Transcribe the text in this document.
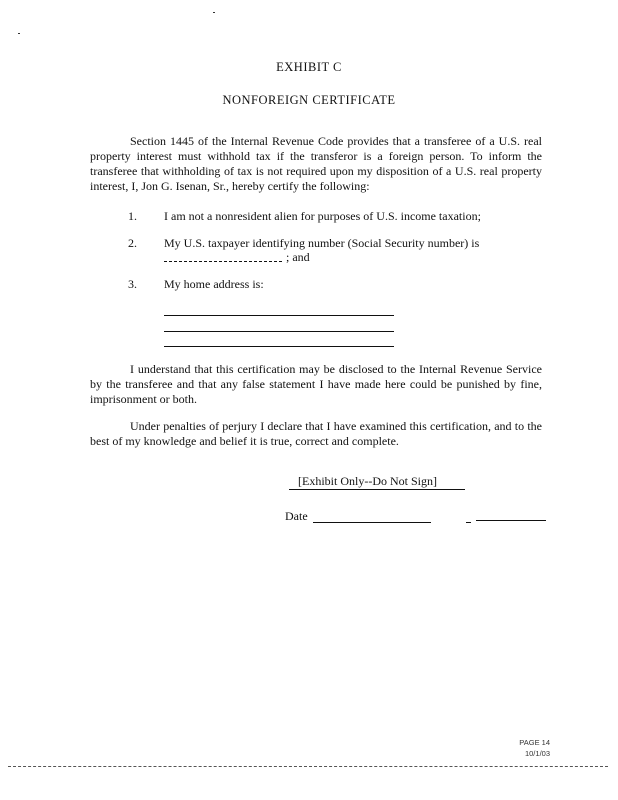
EXHIBIT C
NONFOREIGN CERTIFICATE

Section 1445 of the Internal Revenue Code provides that a transferee of a U.S. real property interest must withhold tax if the transferor is a foreign person. To inform the transferee that withholding of tax is not required upon my disposition of a U.S. real property interest, I, Jon G. Isenan, Sr., hereby certify the following:

1. I am not a nonresident alien for purposes of U.S. income taxation;
2. My U.S. taxpayer identifying number (Social Security number) is
; and
3. My home address is:

I understand that this certification may be disclosed to the Internal Revenue Service by the transferee and that any false statement I have made here could be punished by fine, imprisonment or both.

Under penalties of perjury I declare that I have examined this certification, and to the best of my knowledge and belief it is true, correct and complete.

[Exhibit Only--Do Not Sign]
Date
PAGE 14
10/1/03
